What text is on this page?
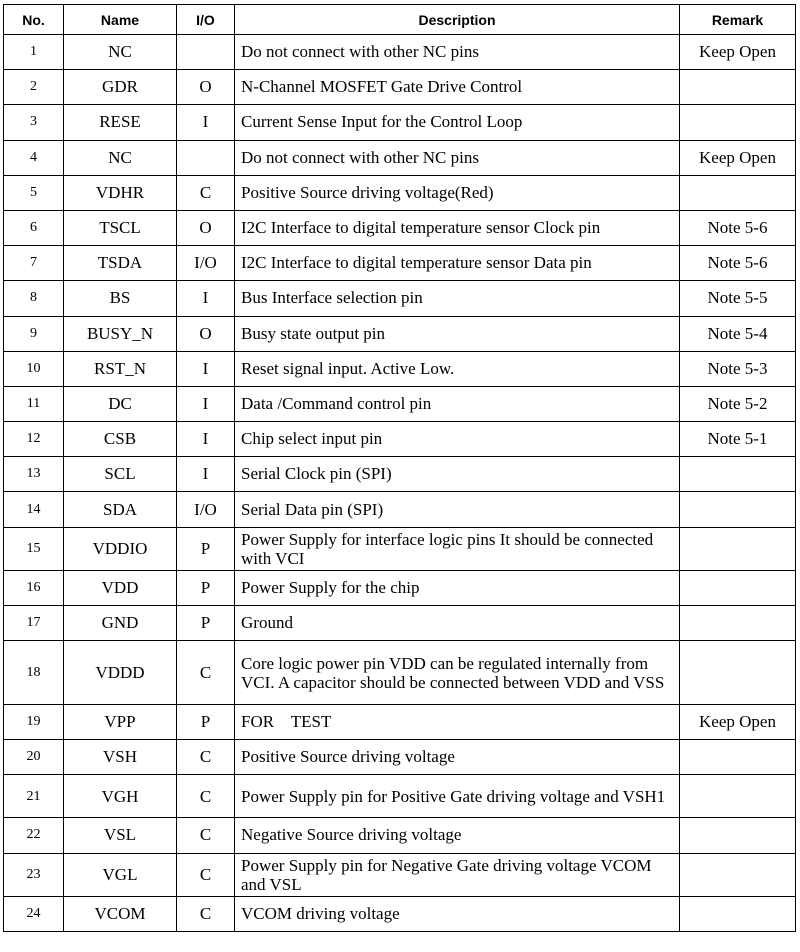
No.	Name	I/O	Description	Remark
1	NC		Do not connect with other NC pins	Keep Open
2	GDR	O	N-Channel MOSFET Gate Drive Control	
3	RESE	I	Current Sense Input for the Control Loop	
4	NC		Do not connect with other NC pins	Keep Open
5	VDHR	C	Positive Source driving voltage(Red)	
6	TSCL	O	I2C Interface to digital temperature sensor Clock pin	Note 5-6
7	TSDA	I/O	I2C Interface to digital temperature sensor Data pin	Note 5-6
8	BS	I	Bus Interface selection pin	Note 5-5
9	BUSY_N	O	Busy state output pin	Note 5-4
10	RST_N	I	Reset signal input. Active Low.	Note 5-3
11	DC	I	Data /Command control pin	Note 5-2
12	CSB	I	Chip select input pin	Note 5-1
13	SCL	I	Serial Clock pin (SPI)	
14	SDA	I/O	Serial Data pin (SPI)	
15	VDDIO	P	Power Supply for interface logic pins It should be connected with VCI	
16	VDD	P	Power Supply for the chip	
17	GND	P	Ground	
18	VDDD	C	Core logic power pin VDD can be regulated internally from VCI. A capacitor should be connected between VDD and VSS	
19	VPP	P	FOR    TEST	Keep Open
20	VSH	C	Positive Source driving voltage	
21	VGH	C	Power Supply pin for Positive Gate driving voltage and VSH1	
22	VSL	C	Negative Source driving voltage	
23	VGL	C	Power Supply pin for Negative Gate driving voltage VCOM and VSL	
24	VCOM	C	VCOM driving voltage	
